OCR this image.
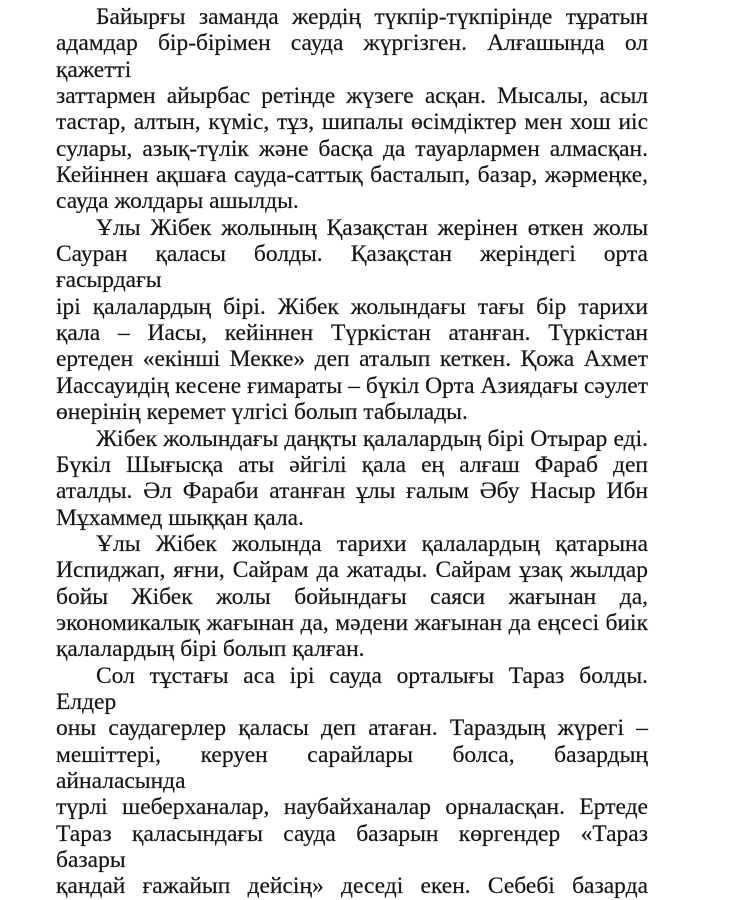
Байырғы заманда жердің түкпір-түкпірінде тұратын
адамдар бір-бірімен сауда жүргізген. Алғашында ол қажетті
заттармен айырбас ретінде жүзеге асқан. Мысалы, асыл
тастар, алтын, күміс, тұз, шипалы өсімдіктер мен хош иіс
сулары, азық-түлік және басқа да тауарлармен алмасқан.
Кейіннен ақшаға сауда-саттық басталып, базар, жәрмеңке,
сауда жолдары ашылды.
Ұлы Жібек жолының Қазақстан жерінен өткен жолы
Сауран қаласы болды. Қазақстан жеріндегі орта ғасырдағы
ірі қалалардың бірі. Жібек жолындағы тағы бір тарихи
қала – Иасы, кейіннен Түркістан атанған. Түркістан
ертеден «екінші Мекке» деп аталып кеткен. Қожа Ахмет
Иассауидің кесене ғимараты – бүкіл Орта Азиядағы сәулет
өнерінің керемет үлгісі болып табылады.
Жібек жолындағы даңқты қалалардың бірі Отырар еді.
Бүкіл Шығысқа аты әйгілі қала ең алғаш Фараб деп
аталды. Әл Фараби атанған ұлы ғалым Әбу Насыр Ибн
Мұхаммед шыққан қала.
Ұлы Жібек жолында тарихи қалалардың қатарына
Испиджап, яғни, Сайрам да жатады. Сайрам ұзақ жылдар
бойы Жібек жолы бойындағы саяси жағынан да,
экономикалық жағынан да, мәдени жағынан да еңсесі биік
қалалардың бірі болып қалған.
Сол тұстағы аса ірі сауда орталығы Тараз болды. Елдер
оны саудагерлер қаласы деп атаған. Тараздың жүрегі –
мешіттері, керуен сарайлары болса, базардың айналасында
түрлі шеберханалар, наубайханалар орналасқан. Ертеде
Тараз қаласындағы сауда базарын көргендер «Тараз базары
қандай ғажайып дейсің» деседі екен. Себебі базарда
